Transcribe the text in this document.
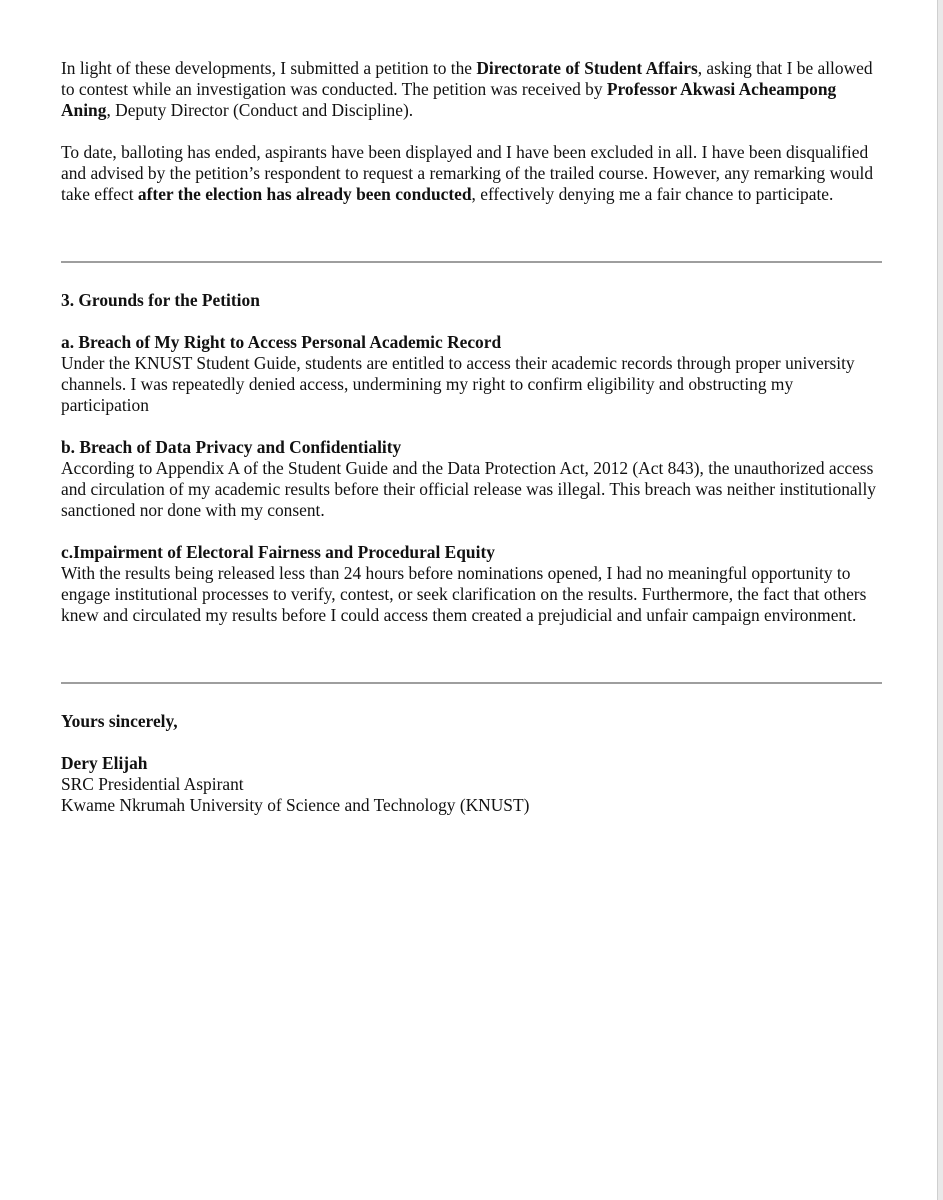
In light of these developments, I submitted a petition to the Directorate of Student Affairs, asking that I be allowed to contest while an investigation was conducted. The petition was received by Professor Akwasi Acheampong Aning, Deputy Director (Conduct and Discipline).

To date, balloting has ended, aspirants have been displayed and I have been excluded in all. I have been disqualified and advised by the petition’s respondent to request a remarking of the trailed course. However, any remarking would take effect after the election has already been conducted, effectively denying me a fair chance to participate.

3. Grounds for the Petition

a. Breach of My Right to Access Personal Academic Record

Under the KNUST Student Guide, students are entitled to access their academic records through proper university channels. I was repeatedly denied access, undermining my right to confirm eligibility and obstructing my participation

b. Breach of Data Privacy and Confidentiality

According to Appendix A of the Student Guide and the Data Protection Act, 2012 (Act 843), the unauthorized access and circulation of my academic results before their official release was illegal. This breach was neither institutionally sanctioned nor done with my consent.

c.Impairment of Electoral Fairness and Procedural Equity

With the results being released less than 24 hours before nominations opened, I had no meaningful opportunity to engage institutional processes to verify, contest, or seek clarification on the results. Furthermore, the fact that others knew and circulated my results before I could access them created a prejudicial and unfair campaign environment.

Yours sincerely,

Dery Elijah

SRC Presidential Aspirant

Kwame Nkrumah University of Science and Technology (KNUST)
